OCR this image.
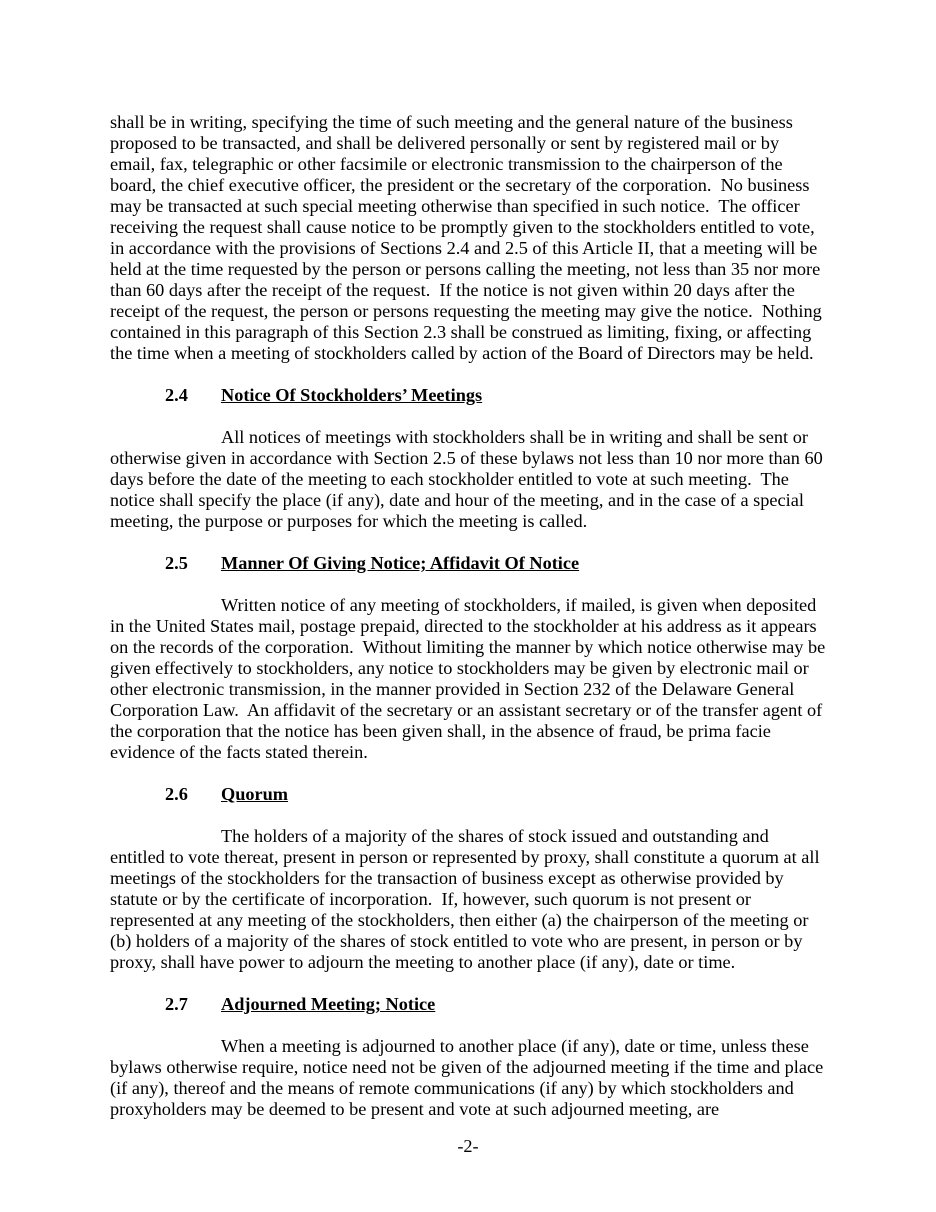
shall be in writing, specifying the time of such meeting and the general nature of the business proposed to be transacted, and shall be delivered personally or sent by registered mail or by email, fax, telegraphic or other facsimile or electronic transmission to the chairperson of the board, the chief executive officer, the president or the secretary of the corporation.  No business may be transacted at such special meeting otherwise than specified in such notice.  The officer receiving the request shall cause notice to be promptly given to the stockholders entitled to vote, in accordance with the provisions of Sections 2.4 and 2.5 of this Article II, that a meeting will be held at the time requested by the person or persons calling the meeting, not less than 35 nor more than 60 days after the receipt of the request.  If the notice is not given within 20 days after the receipt of the request, the person or persons requesting the meeting may give the notice.  Nothing contained in this paragraph of this Section 2.3 shall be construed as limiting, fixing, or affecting the time when a meeting of stockholders called by action of the Board of Directors may be held.

2.4 Notice Of Stockholders’ Meetings

All notices of meetings with stockholders shall be in writing and shall be sent or otherwise given in accordance with Section 2.5 of these bylaws not less than 10 nor more than 60 days before the date of the meeting to each stockholder entitled to vote at such meeting.  The notice shall specify the place (if any), date and hour of the meeting, and in the case of a special meeting, the purpose or purposes for which the meeting is called.

2.5 Manner Of Giving Notice; Affidavit Of Notice

Written notice of any meeting of stockholders, if mailed, is given when deposited in the United States mail, postage prepaid, directed to the stockholder at his address as it appears on the records of the corporation.  Without limiting the manner by which notice otherwise may be given effectively to stockholders, any notice to stockholders may be given by electronic mail or other electronic transmission, in the manner provided in Section 232 of the Delaware General Corporation Law.  An affidavit of the secretary or an assistant secretary or of the transfer agent of the corporation that the notice has been given shall, in the absence of fraud, be prima facie evidence of the facts stated therein.

2.6 Quorum

The holders of a majority of the shares of stock issued and outstanding and entitled to vote thereat, present in person or represented by proxy, shall constitute a quorum at all meetings of the stockholders for the transaction of business except as otherwise provided by statute or by the certificate of incorporation.  If, however, such quorum is not present or represented at any meeting of the stockholders, then either (a) the chairperson of the meeting or (b) holders of a majority of the shares of stock entitled to vote who are present, in person or by proxy, shall have power to adjourn the meeting to another place (if any), date or time.

2.7 Adjourned Meeting; Notice

When a meeting is adjourned to another place (if any), date or time, unless these bylaws otherwise require, notice need not be given of the adjourned meeting if the time and place (if any), thereof and the means of remote communications (if any) by which stockholders and proxyholders may be deemed to be present and vote at such adjourned meeting, are

-2-
